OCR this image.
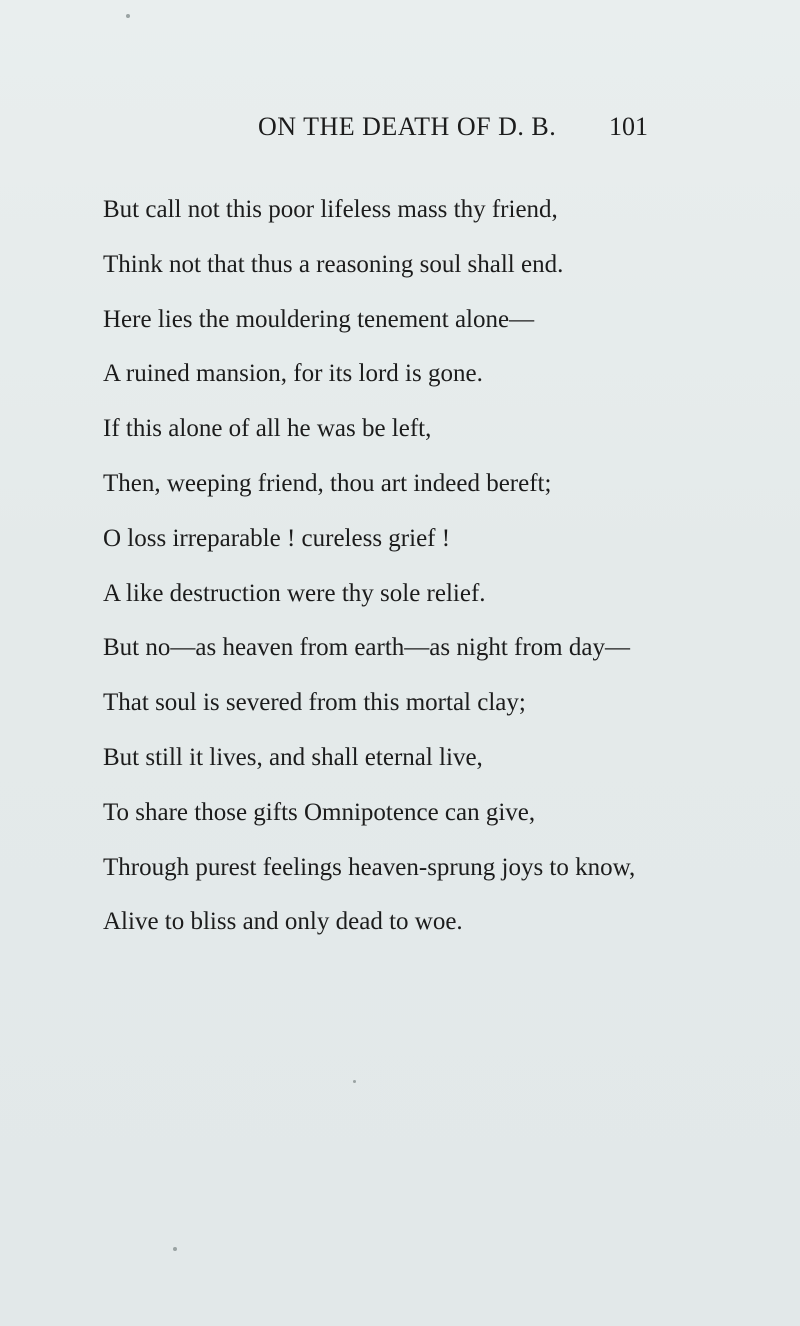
ON THE DEATH OF D. B. 101
But call not this poor lifeless mass thy friend,
Think not that thus a reasoning soul shall end.
Here lies the mouldering tenement alone—
A ruined mansion, for its lord is gone.
If this alone of all he was be left,
Then, weeping friend, thou art indeed bereft;
O loss irreparable ! cureless grief !
A like destruction were thy sole relief.
But no—as heaven from earth—as night from day—
That soul is severed from this mortal clay;
But still it lives, and shall eternal live,
To share those gifts Omnipotence can give,
Through purest feelings heaven-sprung joys to know,
Alive to bliss and only dead to woe.
